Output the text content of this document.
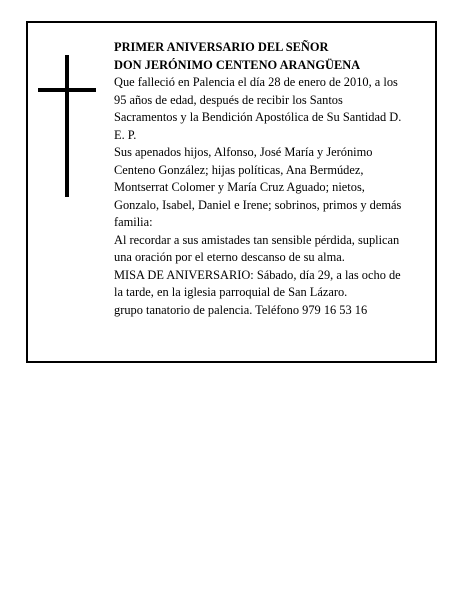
PRIMER ANIVERSARIO DEL SEÑOR
DON JERÓNIMO CENTENO ARANGÜENA

Que falleció en Palencia el día 28 de enero de 2010, a los 95 años de edad, después de recibir los Santos Sacramentos y la Bendición Apostólica de Su Santidad D. E. P.

Sus apenados hijos, Alfonso, José María y Jerónimo Centeno González; hijas políticas, Ana Bermúdez, Montserrat Colomer y María Cruz Aguado; nietos, Gonzalo, Isabel, Daniel e Irene; sobrinos, primos y demás familia:

Al recordar a sus amistades tan sensible pérdida, suplican una oración por el eterno descanso de su alma.

MISA DE ANIVERSARIO: Sábado, día 29, a las ocho de la tarde, en la iglesia parroquial de San Lázaro.

grupo tanatorio de palencia. Teléfono 979 16 53 16
